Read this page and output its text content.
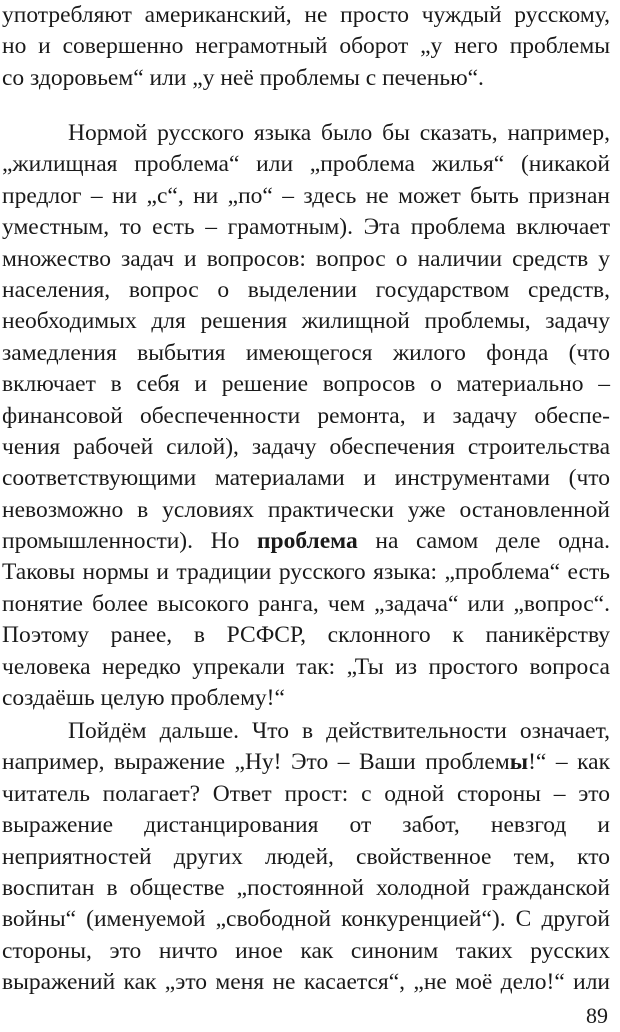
употребляют американский, не просто чуждый русскому,
но и совершенно неграмотный оборот „у него проблемы
со здоровьем“ или „у неё проблемы с печенью“.
Нормой русского языка было бы сказать, например,
„жилищная проблема“ или „проблема жилья“ (никакой
предлог – ни „с“, ни „по“ – здесь не может быть признан
уместным, то есть – грамотным). Эта проблема включает
множество задач и вопросов: вопрос о наличии средств у
населения, вопрос о выделении государством средств,
необходимых для решения жилищной проблемы, задачу
замедления выбытия имеющегося жилого фонда (что
включает в себя и решение вопросов о материально –
финансовой обеспеченности ремонта, и задачу обеспе-
чения рабочей силой), задачу обеспечения строительства
соответствующими материалами и инструментами (что
невозможно в условиях практически уже остановленной
промышленности). Но проблема на самом деле одна.
Таковы нормы и традиции русского языка: „проблема“ есть
понятие более высокого ранга, чем „задача“ или „вопрос“.
Поэтому ранее, в РСФСР, склонного к паникёрству
человека нередко упрекали так: „Ты из простого вопроса
создаёшь целую проблему!“
Пойдём дальше. Что в действительности означает,
например, выражение „Ну! Это – Ваши проблемы!“ – как
читатель полагает? Ответ прост: с одной стороны – это
выражение дистанцирования от забот, невзгод и
неприятностей других людей, свойственное тем, кто
воспитан в обществе „постоянной холодной гражданской
войны“ (именуемой „свободной конкуренцией“). С другой
стороны, это ничто иное как синоним таких русских
выражений как „это меня не касается“, „не моё дело!“ или
89
